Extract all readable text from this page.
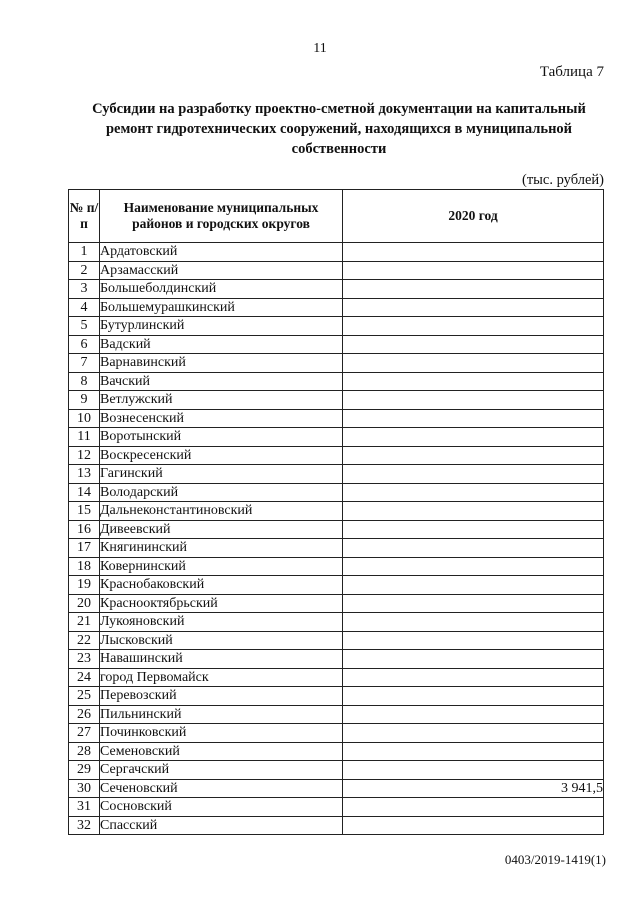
11
Таблица 7
Субсидии на разработку проектно-сметной документации на капитальный ремонт гидротехнических сооружений, находящихся в муниципальной собственности
(тыс. рублей)
№ п/п	Наименование муниципальных районов и городских округов	2020 год
1	Ардатовский	
2	Арзамасский	
3	Большеболдинский	
4	Большемурашкинский	
5	Бутурлинский	
6	Вадский	
7	Варнавинский	
8	Вачский	
9	Ветлужский	
10	Вознесенский	
11	Воротынский	
12	Воскресенский	
13	Гагинский	
14	Володарский	
15	Дальнеконстантиновский	
16	Дивеевский	
17	Княгининский	
18	Ковернинский	
19	Краснобаковский	
20	Краснооктябрьский	
21	Лукояновский	
22	Лысковский	
23	Навашинский	
24	город Первомайск	
25	Перевозский	
26	Пильнинский	
27	Починковский	
28	Семеновский	
29	Сергачский	
30	Сеченовский	3 941,5
31	Сосновский	
32	Спасский	
0403/2019-1419(1)
